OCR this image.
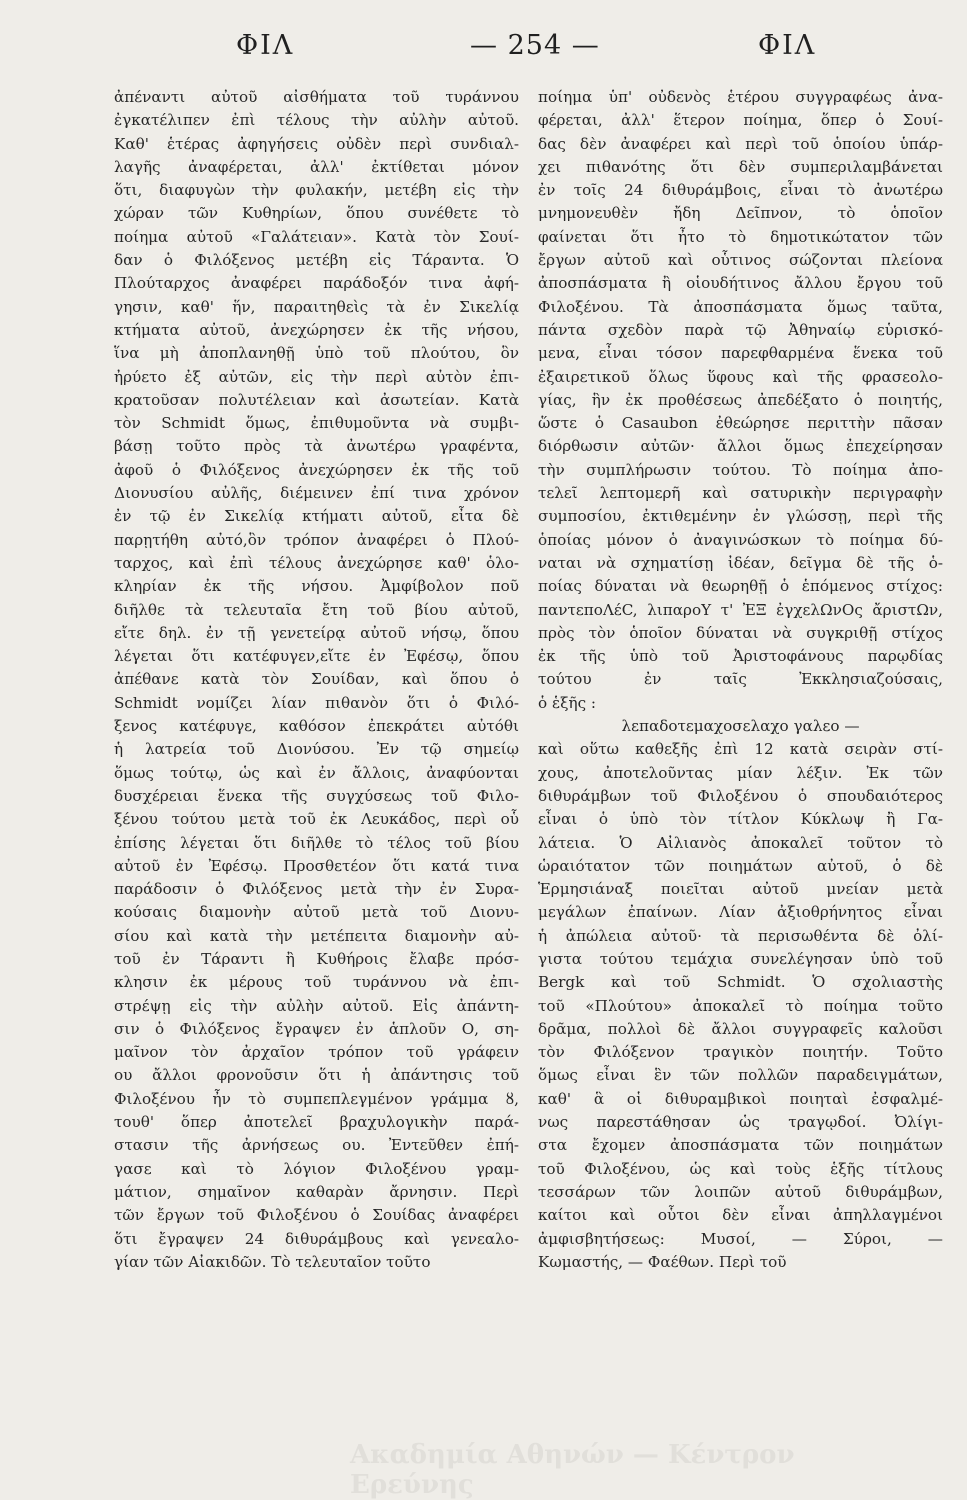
ΦΙΛ	— 254 —	ΦΙΛ
ἀπέναντι αὐτοῦ αἰσθήματα τοῦ τυράννου
ἐγκατέλιπεν ἐπὶ τέλους τὴν αὐλὴν αὐτοῦ.
Καθ' ἑτέρας ἀφηγήσεις οὐδὲν περὶ συνδιαλ-
λαγῆς ἀναφέρεται, ἀλλ' ἐκτίθεται μόνον
ὅτι, διαφυγὼν τὴν φυλακήν, μετέβη εἰς τὴν
χώραν τῶν Κυθηρίων, ὅπου συνέθετε τὸ
ποίημα αὐτοῦ «Γαλάτειαν». Κατὰ τὸν Σουί-
δαν ὁ Φιλόξενος μετέβη εἰς Τάραντα. Ὁ
Πλούταρχος ἀναφέρει παράδοξόν τινα ἀφή-
γησιν, καθ' ἥν, παραιτηθεὶς τὰ ἐν Σικελίᾳ
κτήματα αὐτοῦ, ἀνεχώρησεν ἐκ τῆς νήσου,
ἵνα μὴ ἀποπλανηθῇ ὑπὸ τοῦ πλούτου, ὃν
ἠρύετο ἐξ αὐτῶν, εἰς τὴν περὶ αὐτὸν ἐπι-
κρατοῦσαν πολυτέλειαν καὶ ἀσωτείαν. Κατὰ
τὸν Schmidt ὅμως, ἐπιθυμοῦντα νὰ συμβι-
βάσῃ τοῦτο πρὸς τὰ ἀνωτέρω γραφέντα,
ἀφοῦ ὁ Φιλόξενος ἀνεχώρησεν ἐκ τῆς τοῦ
Διονυσίου αὐλῆς, διέμεινεν ἐπί τινα χρόνον
ἐν τῷ ἐν Σικελίᾳ κτήματι αὐτοῦ, εἶτα δὲ
παρῃτήθη αὐτό,ὃν τρόπον ἀναφέρει ὁ Πλού-
ταρχος, καὶ ἐπὶ τέλους ἀνεχώρησε καθ' ὁλο-
κληρίαν ἐκ τῆς νήσου. Ἀμφίβολον ποῦ
διῆλθε τὰ τελευταῖα ἔτη τοῦ βίου αὐτοῦ,
εἴτε δηλ. ἐν τῇ γενετείρᾳ αὐτοῦ νήσῳ, ὅπου
λέγεται ὅτι κατέφυγεν,εἴτε ἐν Ἐφέσῳ, ὅπου
ἀπέθανε κατὰ τὸν Σουίδαν, καὶ ὅπου ὁ
Schmidt νομίζει λίαν πιθανὸν ὅτι ὁ Φιλό-
ξενος κατέφυγε, καθόσον ἐπεκράτει αὐτόθι
ἡ λατρεία τοῦ Διονύσου. Ἐν τῷ σημείῳ
ὅμως τούτῳ, ὡς καὶ ἐν ἄλλοις, ἀναφύονται
δυσχέρειαι ἕνεκα τῆς συγχύσεως τοῦ Φιλο-
ξένου τούτου μετὰ τοῦ ἐκ Λευκάδος, περὶ οὗ
ἐπίσης λέγεται ὅτι διῆλθε τὸ τέλος τοῦ βίου
αὐτοῦ ἐν Ἐφέσῳ. Προσθετέον ὅτι κατά τινα
παράδοσιν ὁ Φιλόξενος μετὰ τὴν ἐν Συρα-
κούσαις διαμονὴν αὐτοῦ μετὰ τοῦ Διονυ-
σίου καὶ κατὰ τὴν μετέπειτα διαμονὴν αὐ-
τοῦ ἐν Τάραντι ἢ Κυθήροις ἔλαβε πρόσ-
κλησιν ἐκ μέρους τοῦ τυράννου νὰ ἐπι-
στρέψῃ εἰς τὴν αὐλὴν αὐτοῦ. Εἰς ἀπάντη-
σιν ὁ Φιλόξενος ἔγραψεν ἐν ἁπλοῦν Ο, ση-
μαῖνον τὸν ἀρχαῖον τρόπον τοῦ γράφειν
ου ἄλλοι φρονοῦσιν ὅτι ἡ ἀπάντησις τοῦ
Φιλοξένου ἦν τὸ συμπεπλεγμένον γράμμα ȣ,
τουθ' ὅπερ ἀποτελεῖ βραχυλογικὴν παρά-
στασιν τῆς ἀρνήσεως ου. Ἐντεῦθεν ἐπή-
γασε καὶ τὸ λόγιον Φιλοξένου γραμ-
μάτιον, σημαῖνον καθαρὰν ἄρνησιν. Περὶ
τῶν ἔργων τοῦ Φιλοξένου ὁ Σουίδας ἀναφέρει
ὅτι ἔγραψεν 24 διθυράμβους καὶ γενεαλο-
γίαν τῶν Αἰακιδῶν. Τὸ τελευταῖον τοῦτο
ποίημα ὑπ' οὐδενὸς ἑτέρου συγγραφέως ἀνα-
φέρεται, ἀλλ' ἕτερον ποίημα, ὅπερ ὁ Σουί-
δας δὲν ἀναφέρει καὶ περὶ τοῦ ὁποίου ὑπάρ-
χει πιθανότης ὅτι δὲν συμπεριλαμβάνεται
ἐν τοῖς 24 διθυράμβοις, εἶναι τὸ ἀνωτέρω
μνημονευθὲν ἤδη Δεῖπνον, τὸ ὁποῖον
φαίνεται ὅτι ἦτο τὸ δημοτικώτατον τῶν
ἔργων αὐτοῦ καὶ οὗτινος σώζονται πλείονα
ἀποσπάσματα ἢ οἱουδήτινος ἄλλου ἔργου τοῦ
Φιλοξένου. Τὰ ἀποσπάσματα ὅμως ταῦτα,
πάντα σχεδὸν παρὰ τῷ Ἀθηναίῳ εὑρισκό-
μενα, εἶναι τόσον παρεφθαρμένα ἕνεκα τοῦ
ἐξαιρετικοῦ ὅλως ὕφους καὶ τῆς φρασεολο-
γίας, ἣν ἐκ προθέσεως ἀπεδέξατο ὁ ποιητής,
ὥστε ὁ Casaubon ἐθεώρησε περιττὴν πᾶσαν
διόρθωσιν αὐτῶν· ἄλλοι ὅμως ἐπεχείρησαν
τὴν συμπλήρωσιν τούτου. Τὸ ποίημα ἀπο-
τελεῖ λεπτομερῆ καὶ σατυρικὴν περιγραφὴν
συμποσίου, ἐκτιθεμένην ἐν γλώσσῃ, περὶ τῆς
ὁποίας μόνον ὁ ἀναγινώσκων τὸ ποίημα δύ-
ναται νὰ σχηματίσῃ ἰδέαν, δεῖγμα δὲ τῆς ὁ-
ποίας δύναται νὰ θεωρηθῇ ὁ ἑπόμενος στίχος:
παντεποΛέC, λιπαροΥ τ' ἘΞ ἐγχελΩνΟς ἄριστΩν,
πρὸς τὸν ὁποῖον δύναται νὰ συγκριθῇ στίχος
ἐκ τῆς ὑπὸ τοῦ Ἀριστοφάνους παρῳδίας
τούτου ἐν ταῖς Ἐκκλησιαζούσαις,
ὁ ἑξῆς :
λεπαδοτεμαχοσελαχο γαλεο —
καὶ οὕτω καθεξῆς ἐπὶ 12 κατὰ σειρὰν στί-
χους, ἀποτελοῦντας μίαν λέξιν. Ἐκ τῶν
διθυράμβων τοῦ Φιλοξένου ὁ σπουδαιότερος
εἶναι ὁ ὑπὸ τὸν τίτλον Κύκλωψ ἢ Γα-
λάτεια. Ὁ Αἰλιανὸς ἀποκαλεῖ τοῦτον τὸ
ὡραιότατον τῶν ποιημάτων αὐτοῦ, ὁ δὲ
Ἑρμησιάναξ ποιεῖται αὐτοῦ μνείαν μετὰ
μεγάλων ἐπαίνων. Λίαν ἀξιοθρήνητος εἶναι
ἡ ἀπώλεια αὐτοῦ· τὰ περισωθέντα δὲ ὀλί-
γιστα τούτου τεμάχια συνελέγησαν ὑπὸ τοῦ
Bergk καὶ τοῦ Schmidt. Ὁ σχολιαστὴς
τοῦ «Πλούτου» ἀποκαλεῖ τὸ ποίημα τοῦτο
δρᾶμα, πολλοὶ δὲ ἄλλοι συγγραφεῖς καλοῦσι
τὸν Φιλόξενον τραγικὸν ποιητήν. Τοῦτο
ὅμως εἶναι ἓν τῶν πολλῶν παραδειγμάτων,
καθ' ἃ οἱ διθυραμβικοὶ ποιηταὶ ἐσφαλμέ-
νως παρεστάθησαν ὡς τραγῳδοί. Ὀλίγι-
στα ἔχομεν ἀποσπάσματα τῶν ποιημάτων
τοῦ Φιλοξένου, ὡς καὶ τοὺς ἑξῆς τίτλους
τεσσάρων τῶν λοιπῶν αὐτοῦ διθυράμβων,
καίτοι καὶ οὗτοι δὲν εἶναι ἀπηλλαγμένοι
ἀμφισβητήσεως: Μυσοί, — Σύροι, —
Κωμαστής, — Φαέθων. Περὶ τοῦ
Ακαδημία Αθηνών — Κέντρον Ερεύνης
